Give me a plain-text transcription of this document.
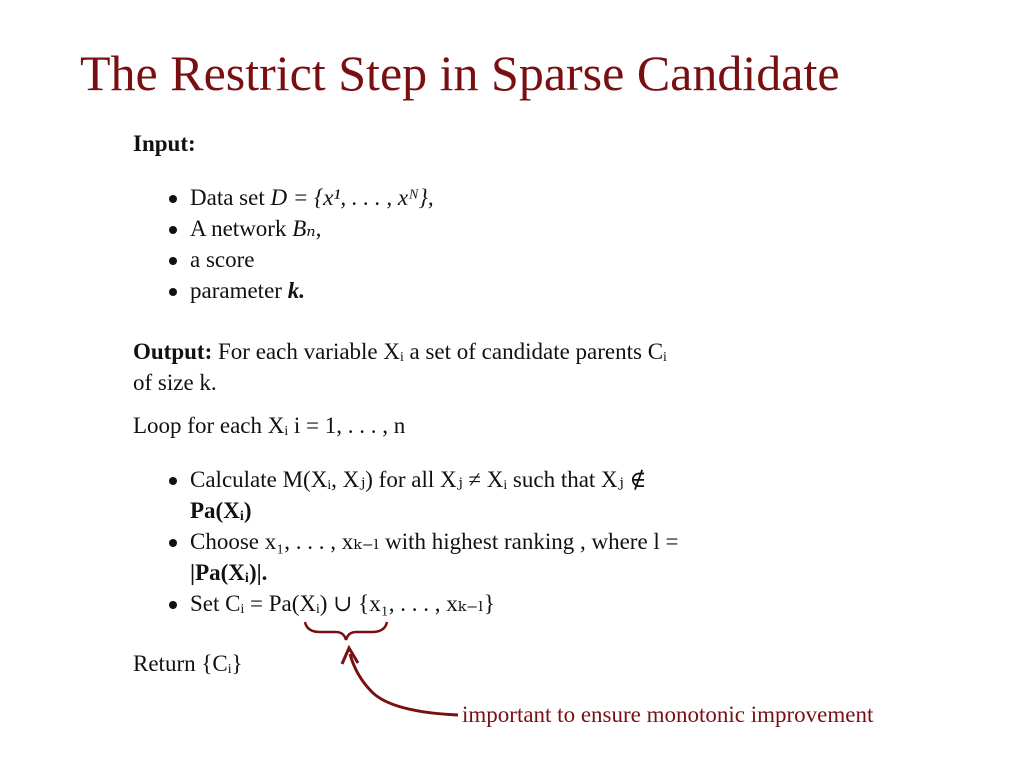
The Restrict Step in Sparse Candidate
Input:
Data set D = {x¹, . . . , xᴺ},
A network Bₙ,
a score
parameter k.
Output: For each variable Xᵢ a set of candidate parents Cᵢ
of size k.
Loop for each Xᵢ i = 1, . . . , n
Calculate M(Xᵢ, Xⱼ) for all Xⱼ ≠ Xᵢ such that Xⱼ ∉
Pa(Xᵢ)
Choose x₁, . . . , xₖ₋ₗ with highest ranking , where l =
|Pa(Xᵢ)|.
Set Cᵢ = Pa(Xᵢ) ∪ {x₁, . . . , xₖ₋ₗ}
Return {Cᵢ}
important to ensure monotonic improvement
